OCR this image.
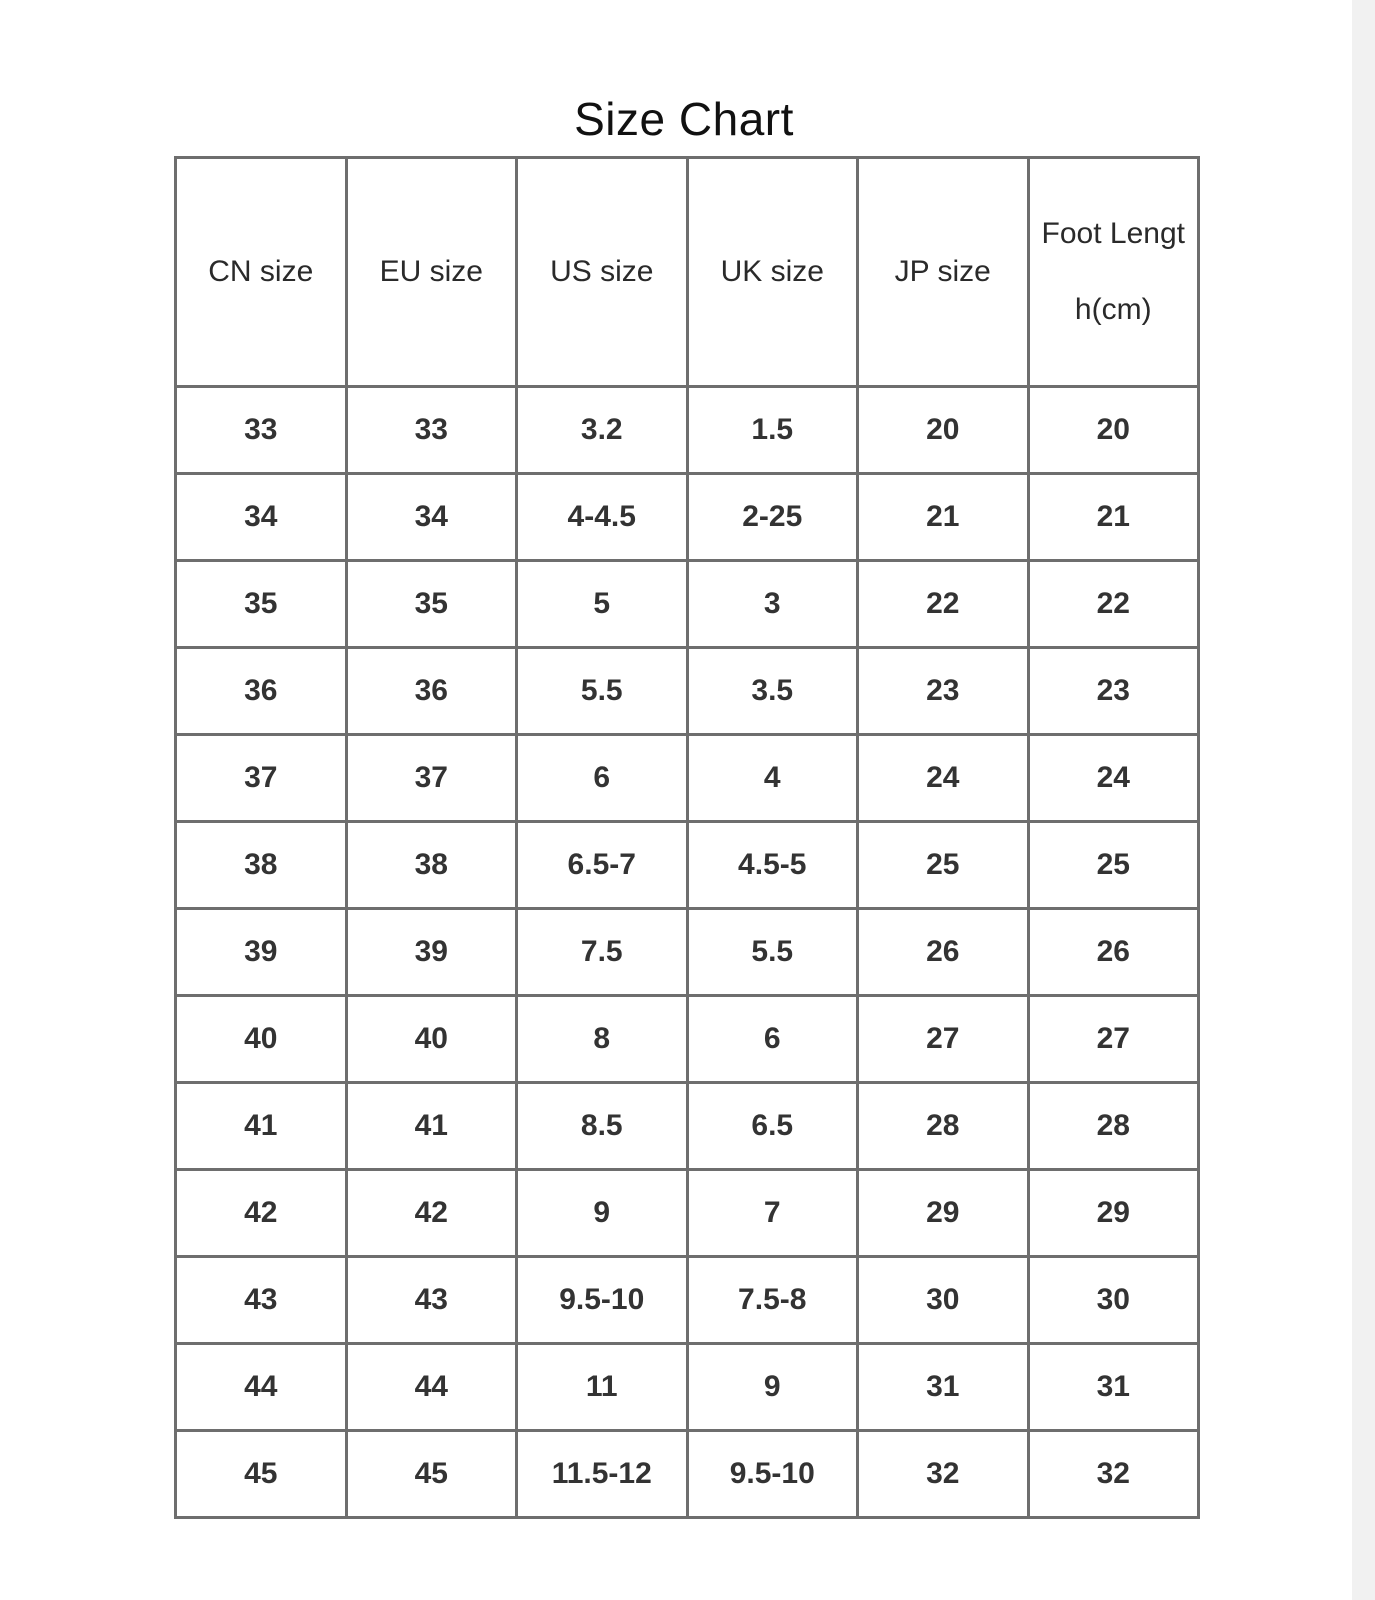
Size Chart
CN size	EU size	US size	UK size	JP size	Foot Length(cm)
33	33	3.2	1.5	20	20
34	34	4-4.5	2-25	21	21
35	35	5	3	22	22
36	36	5.5	3.5	23	23
37	37	6	4	24	24
38	38	6.5-7	4.5-5	25	25
39	39	7.5	5.5	26	26
40	40	8	6	27	27
41	41	8.5	6.5	28	28
42	42	9	7	29	29
43	43	9.5-10	7.5-8	30	30
44	44	11	9	31	31
45	45	11.5-12	9.5-10	32	32
